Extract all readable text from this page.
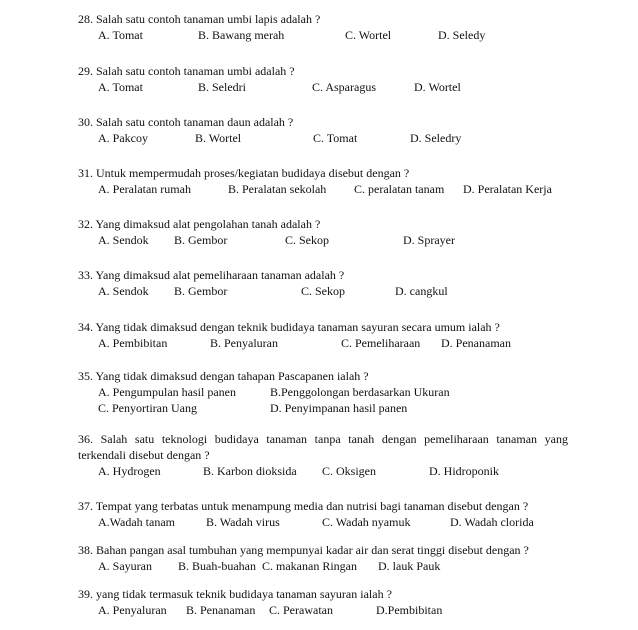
28. Salah satu contoh tanaman umbi lapis adalah ?
A. Tomat	B. Bawang merah	C. Wortel	D. Seledy
29. Salah satu contoh tanaman umbi adalah ?
A. Tomat	B. Seledri	C. Asparagus	D. Wortel
30. Salah satu contoh tanaman daun adalah ?
A. Pakcoy	B. Wortel	C. Tomat	D. Seledry
31. Untuk mempermudah proses/kegiatan budidaya disebut dengan ?
A. Peralatan rumah	B. Peralatan sekolah C. peralatan tanam D. Peralatan Kerja
32. Yang dimaksud alat pengolahan tanah adalah ?
A. Sendok B. Gembor	C. Sekop	D. Sprayer
33. Yang dimaksud alat pemeliharaan tanaman adalah ?
A. Sendok B. Gembor	C. Sekop	D. cangkul
34. Yang tidak dimaksud dengan teknik budidaya tanaman sayuran secara umum ialah ?
A. Pembibitan	B. Penyaluran	C. Pemeliharaan D. Penanaman
35. Yang tidak dimaksud dengan tahapan Pascapanen ialah ?
A. Pengumpulan hasil panen	B.Penggolongan berdasarkan Ukuran
C. Penyortiran Uang	D. Penyimpanan hasil panen
36. Salah satu teknologi budidaya tanaman tanpa tanah dengan pemeliharaan tanaman yang terkendali disebut dengan ?
A. Hydrogen	B. Karbon dioksida C. Oksigen	D. Hidroponik
37. Tempat yang terbatas untuk menampung media dan nutrisi bagi tanaman disebut dengan ?
A.Wadah tanam	B. Wadah virus	C. Wadah nyamuk	D. Wadah clorida
38. Bahan pangan asal tumbuhan yang mempunyai kadar air dan serat tinggi disebut dengan ?
A. Sayuran B. Buah-buahan C. makanan Ringan D. lauk Pauk
39. yang tidak termasuk teknik budidaya tanaman sayuran ialah ?
A. Penyaluran B. Penanaman C. Perawatan	D.Pembibitan
